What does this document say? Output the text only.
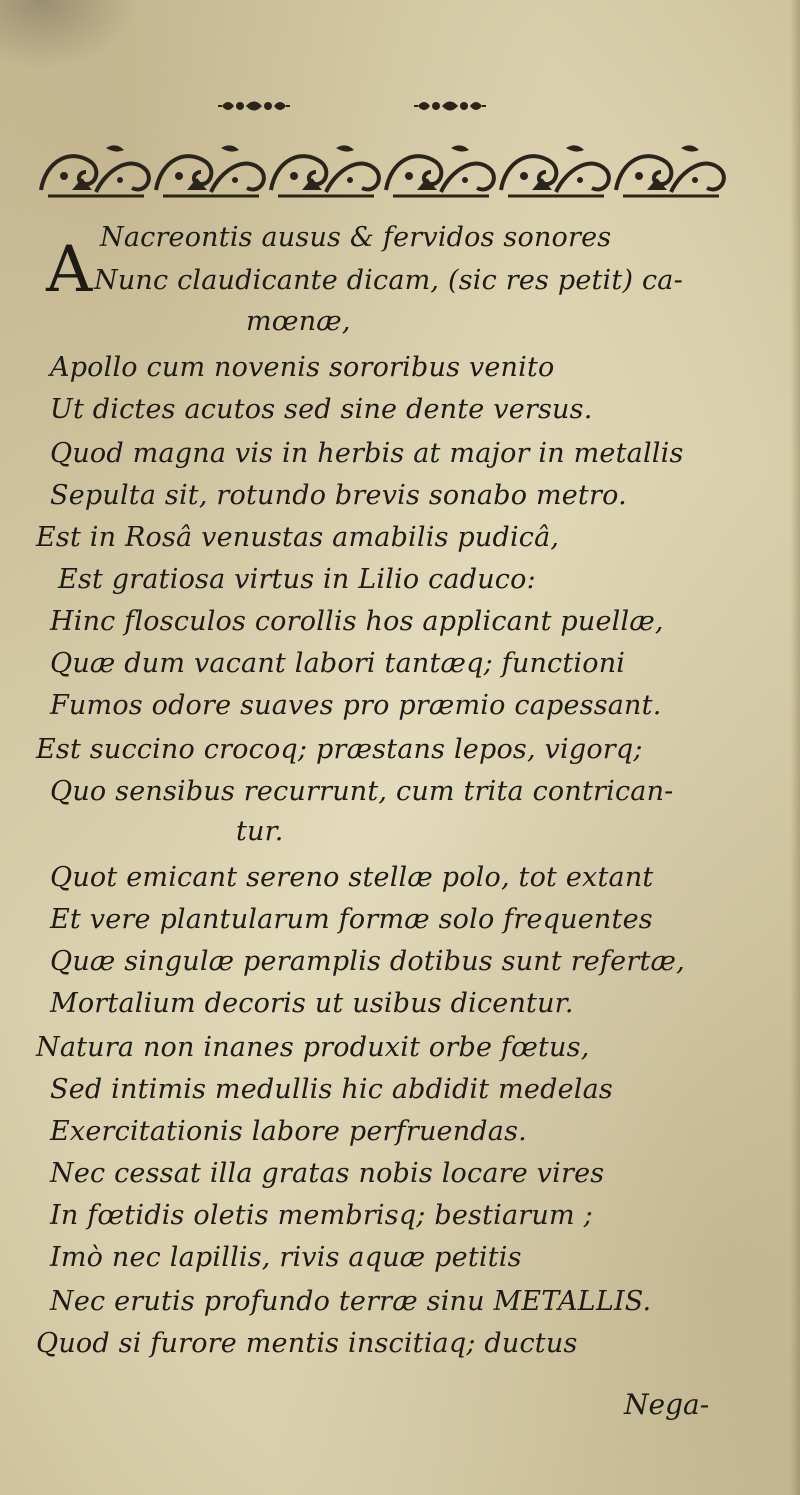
A Nacreontis ausus & fervidos sonores
Nunc claudicante dicam, (sic res petit) ca-
mœnæ,
Apollo cum novenis sororibus venito
Ut dictes acutos sed sine dente versus.
Quod magna vis in herbis at major in metallis
Sepulta sit, rotundo brevis sonabo metro.
Est in Rosâ venustas amabilis pudicâ,
Est gratiosa virtus in Lilio caduco:
Hinc flosculos corollis hos applicant puellæ,
Quæ dum vacant labori tantæq; functioni
Fumos odore suaves pro præmio capessant.
Est succino crocoq; præstans lepos, vigorq;
Quo sensibus recurrunt, cum trita contrican-
tur.
Quot emicant sereno stellæ polo, tot extant
Et vere plantularum formæ solo frequentes
Quæ singulæ peramplis dotibus sunt refertæ,
Mortalium decoris ut usibus dicentur.
Natura non inanes produxit orbe fœtus,
Sed intimis medullis hic abdidit medelas
Exercitationis labore perfruendas.
Nec cessat illa gratas nobis locare vires
In fœtidis oletis membrisq; bestiarum ;
Imò nec lapillis, rivis aquæ petitis
Nec erutis profundo terræ sinu METALLIS.
Quod si furore mentis inscitiaq; ductus
Nega-
